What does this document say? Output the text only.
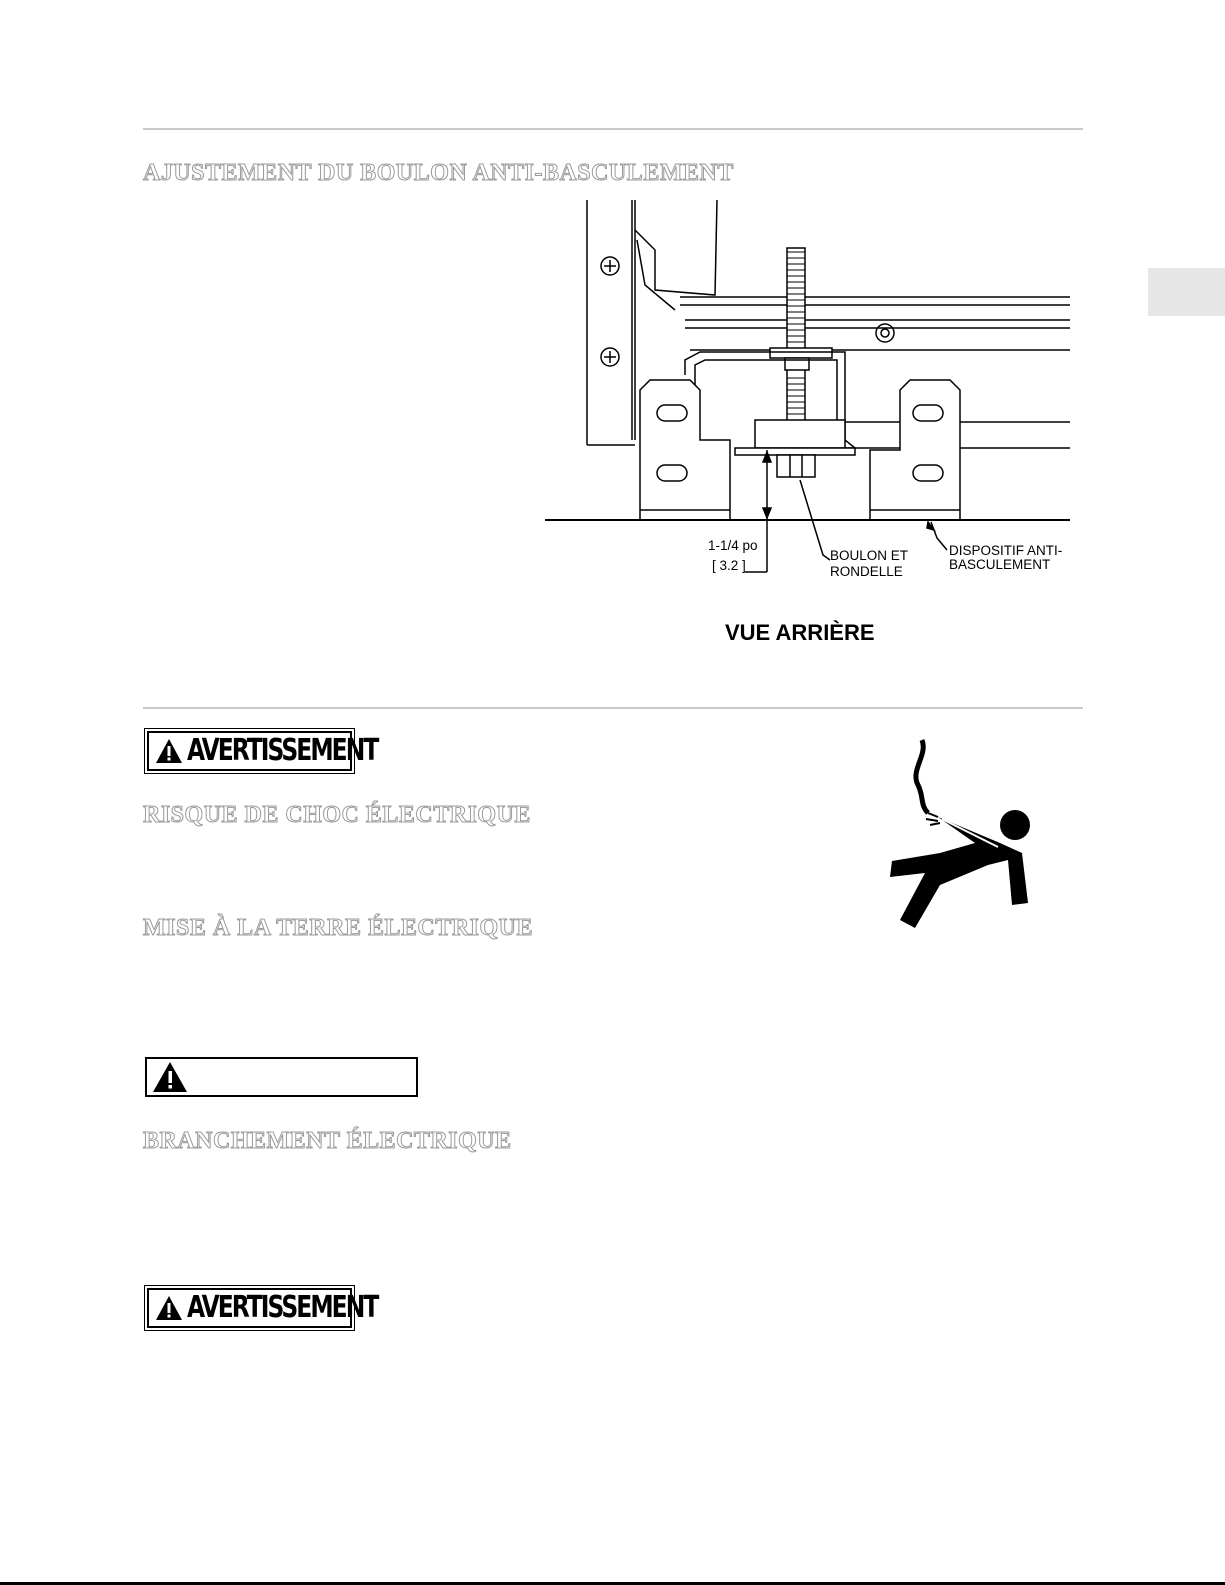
AJUSTEMENT DU BOULON ANTI-BASCULEMENT
1-1/4 po
[ 3.2 ]
BOULON ET
RONDELLE
DISPOSITIF ANTI-
BASCULEMENT
VUE ARRIÈRE
AVERTISSEMENT
RISQUE DE CHOC ÉLECTRIQUE
MISE À LA TERRE ÉLECTRIQUE
BRANCHEMENT ÉLECTRIQUE
AVERTISSEMENT
